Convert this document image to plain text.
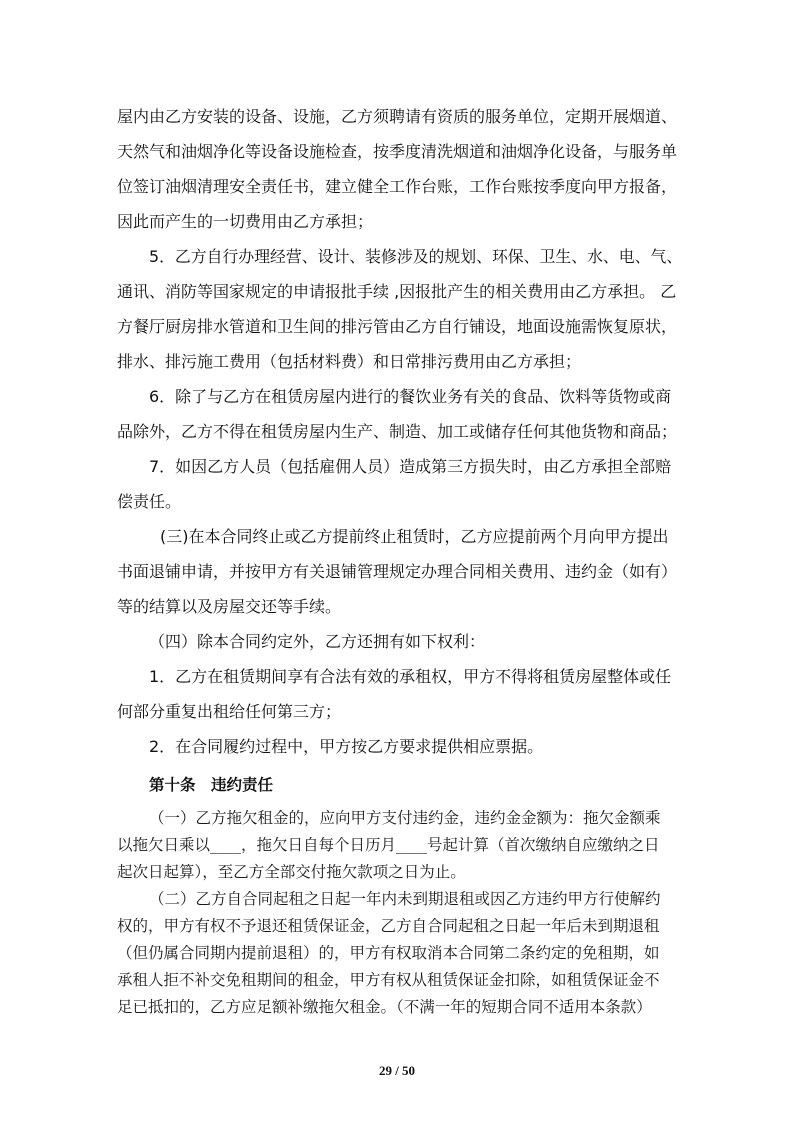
屋内由乙方安装的设备、设施，乙方须聘请有资质的服务单位，定期开展烟道、
天然气和油烟净化等设备设施检查，按季度清洗烟道和油烟净化设备，与服务单
位签订油烟清理安全责任书，建立健全工作台账，工作台账按季度向甲方报备，
因此而产生的一切费用由乙方承担；
5．乙方自行办理经营、设计、装修涉及的规划、环保、卫生、水、电、气、
通讯、消防等国家规定的申请报批手续 ,因报批产生的相关费用由乙方承担。 乙
方餐厅厨房排水管道和卫生间的排污管由乙方自行铺设，地面设施需恢复原状，
排水、排污施工费用（包括材料费）和日常排污费用由乙方承担；
6．除了与乙方在租赁房屋内进行的餐饮业务有关的食品、饮料等货物或商
品除外，乙方不得在租赁房屋内生产、制造、加工或储存任何其他货物和商品；
7．如因乙方人员（包括雇佣人员）造成第三方损失时，由乙方承担全部赔
偿责任。
(三)在本合同终止或乙方提前终止租赁时，乙方应提前两个月向甲方提出
书面退铺申请，并按甲方有关退铺管理规定办理合同相关费用、违约金（如有）
等的结算以及房屋交还等手续。
（四）除本合同约定外，乙方还拥有如下权利：
1．乙方在租赁期间享有合法有效的承租权，甲方不得将租赁房屋整体或任
何部分重复出租给任何第三方；
2．在合同履约过程中，甲方按乙方要求提供相应票据。
第十条　违约责任
（一）乙方拖欠租金的，应向甲方支付违约金，违约金金额为：拖欠金额乘
以拖欠日乘以____，拖欠日自每个日历月____号起计算（首次缴纳自应缴纳之日
起次日起算），至乙方全部交付拖欠款项之日为止。
（二）乙方自合同起租之日起一年内未到期退租或因乙方违约甲方行使解约
权的，甲方有权不予退还租赁保证金，乙方自合同起租之日起一年后未到期退租
（但仍属合同期内提前退租）的，甲方有权取消本合同第二条约定的免租期，如
承租人拒不补交免租期间的租金，甲方有权从租赁保证金扣除，如租赁保证金不
足已抵扣的，乙方应足额补缴拖欠租金。（不满一年的短期合同不适用本条款）
29 / 50
